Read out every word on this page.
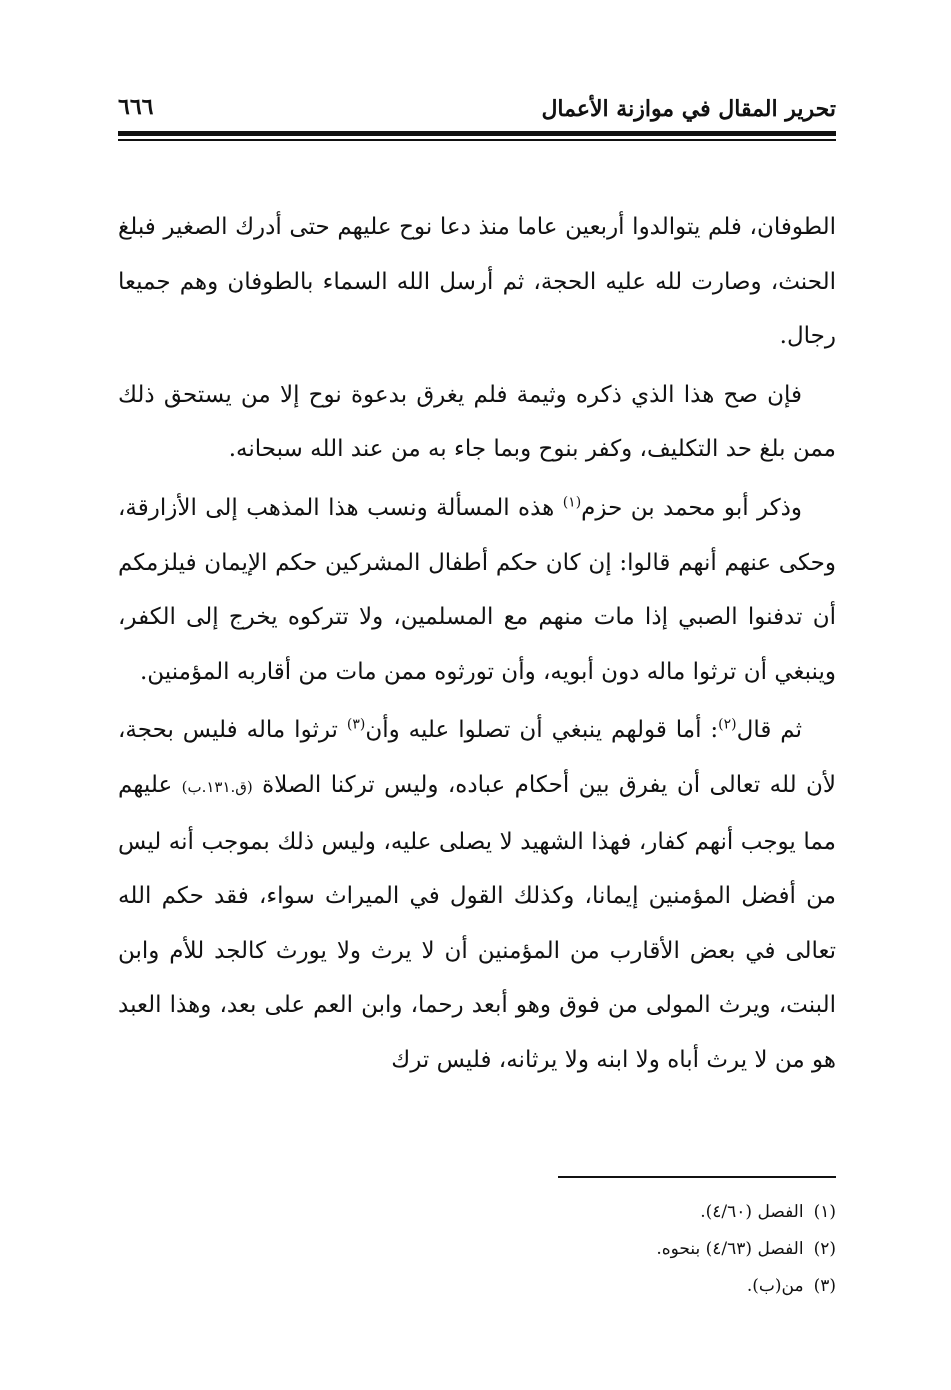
تحرير المقال في موازنة الأعمال
٦٦٦

الطوفان، فلم يتوالدوا أربعين عاما منذ دعا نوح عليهم حتى أدرك الصغير فبلغ الحنث، وصارت لله عليه الحجة، ثم أرسل الله السماء بالطوفان وهم جميعا رجال.

فإن صح هذا الذي ذكره وثيمة فلم يغرق بدعوة نوح إلا من يستحق ذلك ممن بلغ حد التكليف، وكفر بنوح وبما جاء به من عند الله سبحانه.

وذكر أبو محمد بن حزم$^{(١)}$ هذه المسألة ونسب هذا المذهب إلى الأزارقة، وحكى عنهم أنهم قالوا: إن كان حكم أطفال المشركين حكم الإيمان فيلزمكم أن تدفنوا الصبي إذا مات منهم مع المسلمين، ولا تتركوه يخرج إلى الكفر، وينبغي أن ترثوا ماله دون أبويه، وأن تورثوه ممن مات من أقاربه المؤمنين.

ثم قال$^{(٢)}$: أما قولهم ينبغي أن تصلوا عليه وأن$^{(٣)}$ ترثوا ماله فليس بحجة، لأن لله تعالى أن يفرق بين أحكام عباده، وليس تركنا الصلاة (ق.١٣١.ب) عليهم مما يوجب أنهم كفار، فهذا الشهيد لا يصلى عليه، وليس ذلك بموجب أنه ليس من أفضل المؤمنين إيمانا، وكذلك القول في الميراث سواء، فقد حكم الله تعالى في بعض الأقارب من المؤمنين أن لا يرث ولا يورث كالجد للأم وابن البنت، ويرث المولى من فوق وهو أبعد رحما، وابن العم على بعد، وهذا العبد هو من لا يرث أباه ولا ابنه ولا يرثانه، فليس ترك

(١)الفصل (٤/٦٠).
(٢)الفصل (٤/٦٣) بنحوه.
(٣)من(ب).
